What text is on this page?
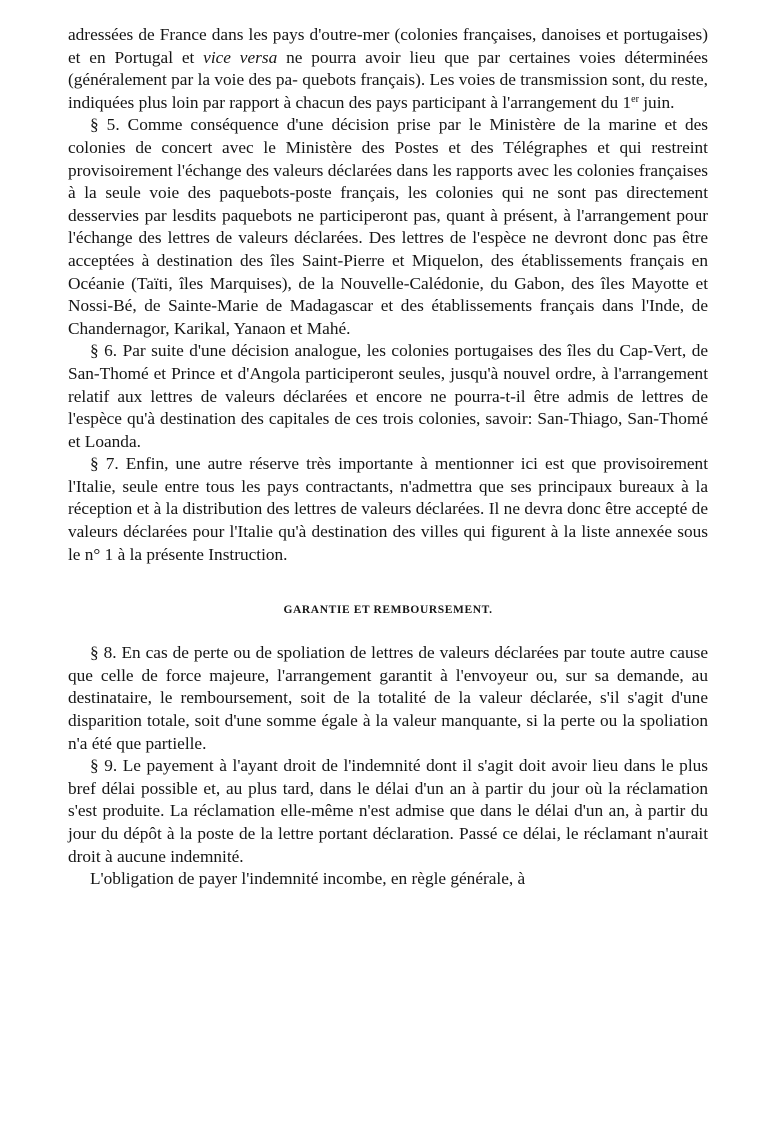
adressées de France dans les pays d'outre-mer (colonies françaises, danoises et portugaises) et en Portugal et vice versa ne pourra avoir lieu que par certaines voies déterminées (généralement par la voie des pa- quebots français). Les voies de transmission sont, du reste, indiquées plus loin par rapport à chacun des pays participant à l'arrangement du 1er juin.

§ 5. Comme conséquence d'une décision prise par le Ministère de la marine et des colonies de concert avec le Ministère des Postes et des Télégraphes et qui restreint provisoirement l'échange des valeurs déclarées dans les rapports avec les colonies françaises à la seule voie des paquebots-poste français, les colonies qui ne sont pas directement desservies par lesdits paquebots ne participeront pas, quant à présent, à l'arrangement pour l'échange des lettres de valeurs déclarées. Des lettres de l'espèce ne devront donc pas être acceptées à destination des îles Saint-Pierre et Miquelon, des établissements français en Océanie (Taïti, îles Marquises), de la Nouvelle-Calédonie, du Gabon, des îles Mayotte et Nossi-Bé, de Sainte-Marie de Madagascar et des établissements français dans l'Inde, de Chandernagor, Karikal, Yanaon et Mahé.

§ 6. Par suite d'une décision analogue, les colonies portugaises des îles du Cap-Vert, de San-Thomé et Prince et d'Angola participeront seules, jusqu'à nouvel ordre, à l'arrangement relatif aux lettres de valeurs déclarées et encore ne pourra-t-il être admis de lettres de l'espèce qu'à destination des capitales de ces trois colonies, savoir: San-Thiago, San-Thomé et Loanda.

§ 7. Enfin, une autre réserve très importante à mentionner ici est que provisoirement l'Italie, seule entre tous les pays contractants, n'admettra que ses principaux bureaux à la réception et à la distribution des lettres de valeurs déclarées. Il ne devra donc être accepté de valeurs déclarées pour l'Italie qu'à destination des villes qui figurent à la liste annexée sous le n° 1 à la présente Instruction.

GARANTIE ET REMBOURSEMENT.

§ 8. En cas de perte ou de spoliation de lettres de valeurs déclarées par toute autre cause que celle de force majeure, l'arrangement garantit à l'envoyeur ou, sur sa demande, au destinataire, le remboursement, soit de la totalité de la valeur déclarée, s'il s'agit d'une disparition totale, soit d'une somme égale à la valeur manquante, si la perte ou la spoliation n'a été que partielle.

§ 9. Le payement à l'ayant droit de l'indemnité dont il s'agit doit avoir lieu dans le plus bref délai possible et, au plus tard, dans le délai d'un an à partir du jour où la réclamation s'est produite. La réclamation elle-même n'est admise que dans le délai d'un an, à partir du jour du dépôt à la poste de la lettre portant déclaration. Passé ce délai, le réclamant n'aurait droit à aucune indemnité.

L'obligation de payer l'indemnité incombe, en règle générale, à
